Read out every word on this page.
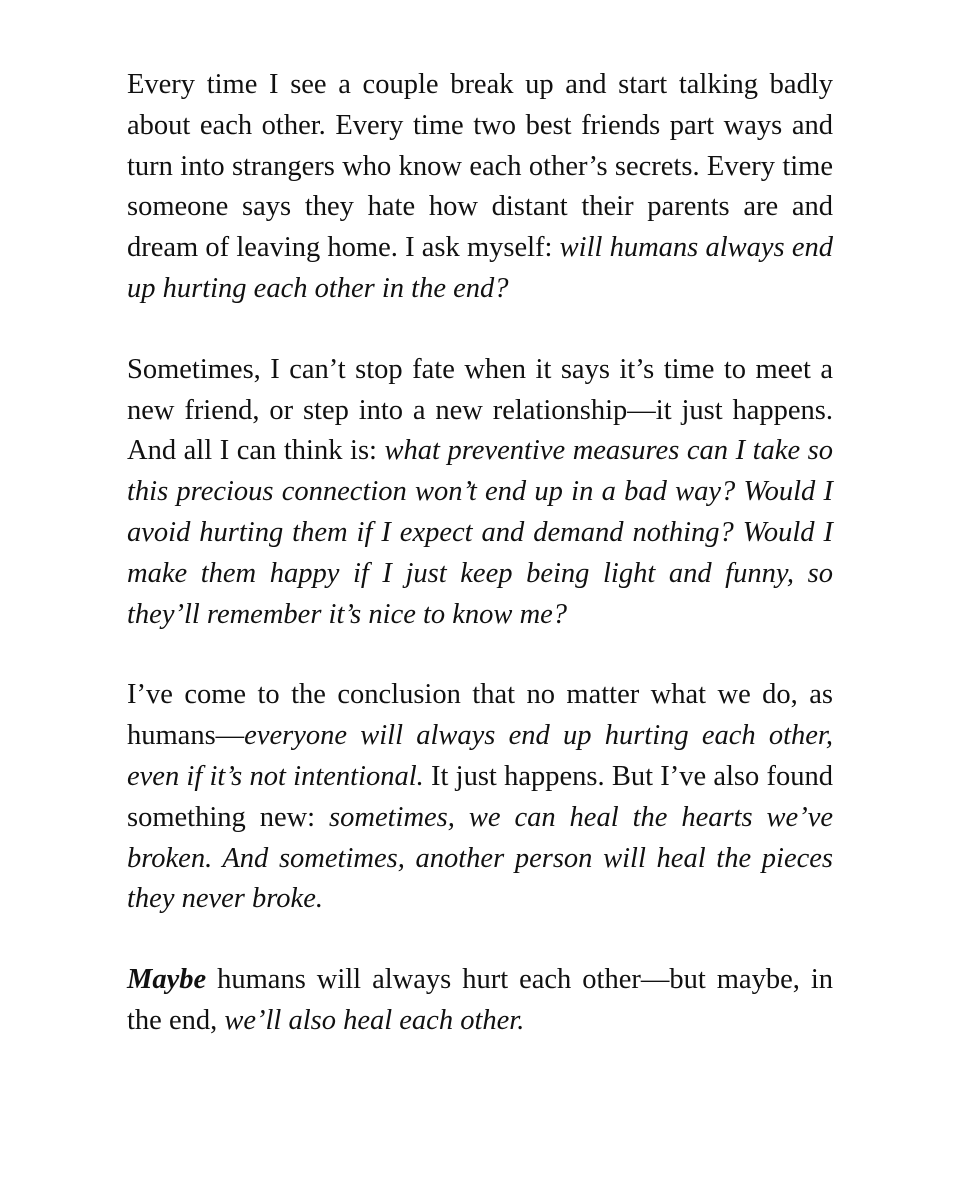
Every time I see a couple break up and start talking badly about each other. Every time two best friends part ways and turn into strangers who know each other’s secrets. Every time someone says they hate how distant their parents are and dream of leaving home. I ask myself: will humans always end up hurting each other in the end?

Sometimes, I can’t stop fate when it says it’s time to meet a new friend, or step into a new relationship—it just happens. And all I can think is: what preventive measures can I take so this precious connection won’t end up in a bad way? Would I avoid hurting them if I expect and demand nothing? Would I make them happy if I just keep being light and funny, so they’ll remember it’s nice to know me?

I’ve come to the conclusion that no matter what we do, as humans—everyone will always end up hurting each other, even if it’s not intentional. It just happens. But I’ve also found something new: sometimes, we can heal the hearts we’ve broken. And sometimes, another person will heal the pieces they never broke.

Maybe humans will always hurt each other—but maybe, in the end, we’ll also heal each other.
